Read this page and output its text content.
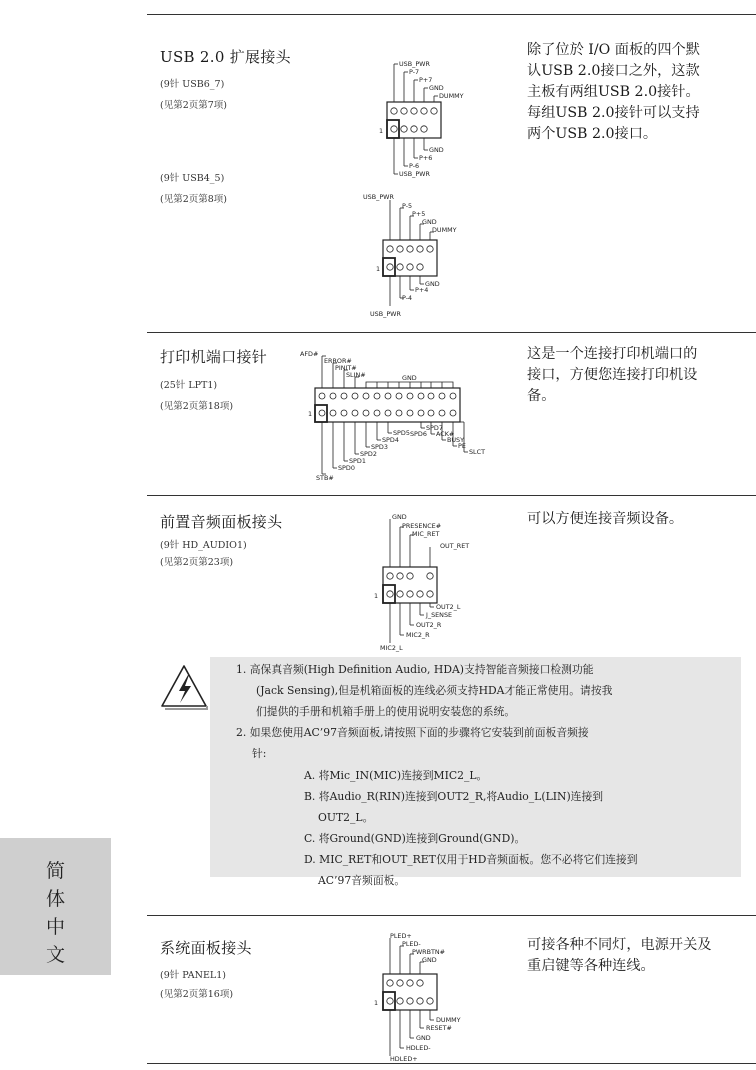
USB 2.0 扩展接头
(9针 USB6_7)
(见第2页第7项)
(9针 USB4_5)
(见第2页第8项)
除了位於 I/O 面板的四个默
认USB 2.0接口之外，这款
主板有两组USB 2.0接针。
每组USB 2.0接针可以支持
两个USB 2.0接口。
USB_PWR
P-7
P+7
GND
DUMMY
GND
P+6
P-6
USB_PWR
1
USB_PWR
P-5
P+5
GND
DUMMY
GND
P+4
P-4
USB_PWR
1
打印机端口接针
(25针 LPT1)
(见第2页第18项)
这是一个连接打印机端口的
接口，方便您连接打印机设
备。
AFD#
ERROR#
PINIT#
SLIN#	GND
SPD7
SPD6 ACK#
BUSY
PE
SLCT
SPD5
SPD4
SPD3
SPD2
SPD1
SPD0
STB#
1
前置音频面板接头
(9针 HD_AUDIO1)
(见第2页第23项)
可以方便连接音频设备。
GND
PRESENCE#
MIC_RET
OUT_RET
OUT2_L
J_SENSE
OUT2_R
MIC2_R
MIC2_L
1
1. 高保真音频(High Definition Audio, HDA)支持智能音频接口检测功能
(Jack Sensing),但是机箱面板的连线必须支持HDA才能正常使用。请按我
们提供的手册和机箱手册上的使用说明安装您的系统。
2. 如果您使用AC’97音频面板,请按照下面的步骤将它安装到前面板音频接
针:
A. 将Mic_IN(MIC)连接到MIC2_L。
B. 将Audio_R(RIN)连接到OUT2_R,将Audio_L(LIN)连接到
OUT2_L。
C. 将Ground(GND)连接到Ground(GND)。
D. MIC_RET和OUT_RET仅用于HD音频面板。您不必将它们连接到
AC’97音频面板。
系统面板接头
(9针 PANEL1)
(见第2页第16项)
可接各种不同灯，电源开关及
重启键等各种连线。
PLED+
PLED-
PWRBTN#
GND
DUMMY
RESET#
GND
HDLED-
HDLED+
1
简
体
中
文
